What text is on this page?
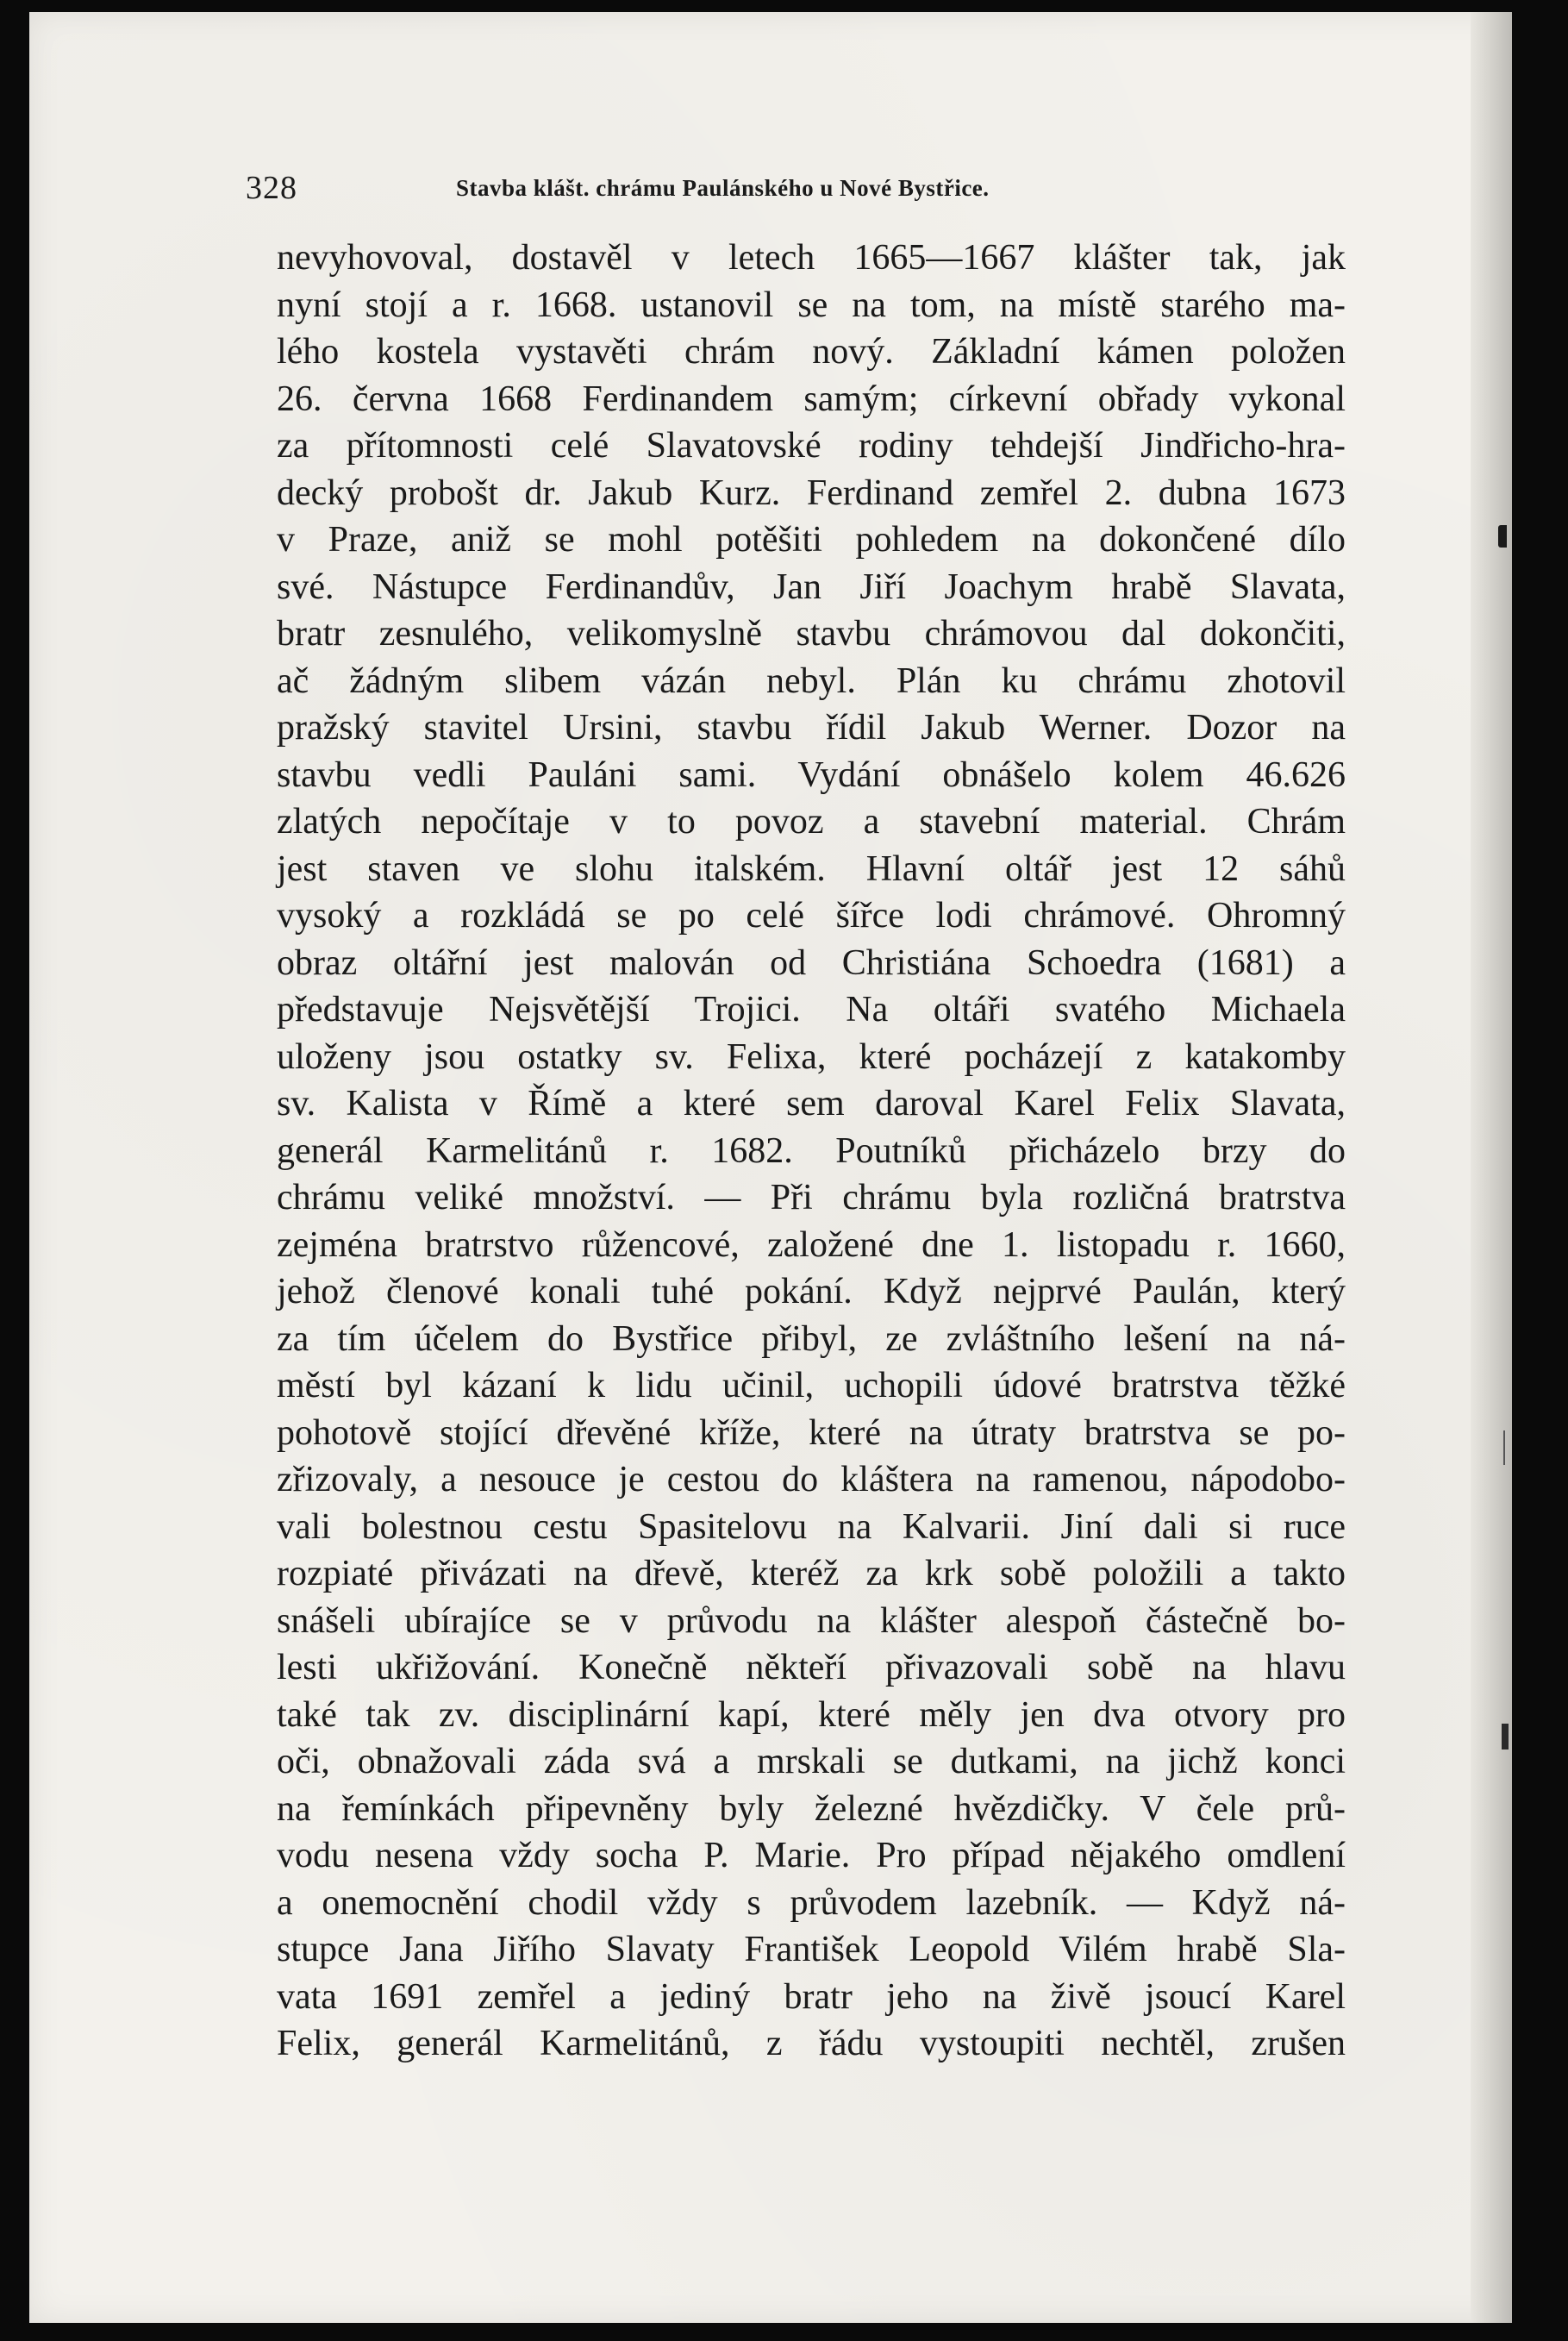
328	Stavba klášt. chrámu Paulánského u Nové Bystřice.
nevyhovoval, dostavěl v letech 1665—1667 klášter tak, jak
nyní stojí a r. 1668. ustanovil se na tom, na místě starého ma-
lého kostela vystavěti chrám nový. Základní kámen položen
26. června 1668 Ferdinandem samým; církevní obřady vykonal
za přítomnosti celé Slavatovské rodiny tehdejší Jindřicho-hra-
decký probošt dr. Jakub Kurz. Ferdinand zemřel 2. dubna 1673
v Praze, aniž se mohl potěšiti pohledem na dokončené dílo
své. Nástupce Ferdinandův, Jan Jiří Joachym hrabě Slavata,
bratr zesnulého, velikomyslně stavbu chrámovou dal dokončiti,
ač žádným slibem vázán nebyl. Plán ku chrámu zhotovil
pražský stavitel Ursini, stavbu řídil Jakub Werner. Dozor na
stavbu vedli Pauláni sami. Vydání obnášelo kolem 46.626
zlatých nepočítaje v to povoz a stavební material. Chrám
jest staven ve slohu italském. Hlavní oltář jest 12 sáhů
vysoký a rozkládá se po celé šířce lodi chrámové. Ohromný
obraz oltářní jest malován od Christiána Schoedra (1681) a
představuje Nejsvětější Trojici. Na oltáři svatého Michaela
uloženy jsou ostatky sv. Felixa, které pocházejí z katakomby
sv. Kalista v Římě a které sem daroval Karel Felix Slavata,
generál Karmelitánů r. 1682. Poutníků přicházelo brzy do
chrámu veliké množství. — Při chrámu byla rozličná bratrstva
zejména bratrstvo růžencové, založené dne 1. listopadu r. 1660,
jehož členové konali tuhé pokání. Když nejprvé Paulán, který
za tím účelem do Bystřice přibyl, ze zvláštního lešení na ná-
městí byl kázaní k lidu učinil, uchopili údové bratrstva těžké
pohotově stojící dřevěné kříže, které na útraty bratrstva se po-
zřizovaly, a nesouce je cestou do kláštera na ramenou, nápodobo-
vali bolestnou cestu Spasitelovu na Kalvarii. Jiní dali si ruce
rozpiaté přivázati na dřevě, kteréž za krk sobě položili a takto
snášeli ubírajíce se v průvodu na klášter alespoň částečně bo-
lesti ukřižování. Konečně někteří přivazovali sobě na hlavu
také tak zv. disciplinární kapí, které měly jen dva otvory pro
oči, obnažovali záda svá a mrskali se dutkami, na jichž konci
na řemínkách připevněny byly železné hvězdičky. V čele prů-
vodu nesena vždy socha P. Marie. Pro případ nějakého omdlení
a onemocnění chodil vždy s průvodem lazebník. — Když ná-
stupce Jana Jiřího Slavaty František Leopold Vilém hrabě Sla-
vata 1691 zemřel a jediný bratr jeho na živě jsoucí Karel
Felix, generál Karmelitánů, z řádu vystoupiti nechtěl, zrušen
